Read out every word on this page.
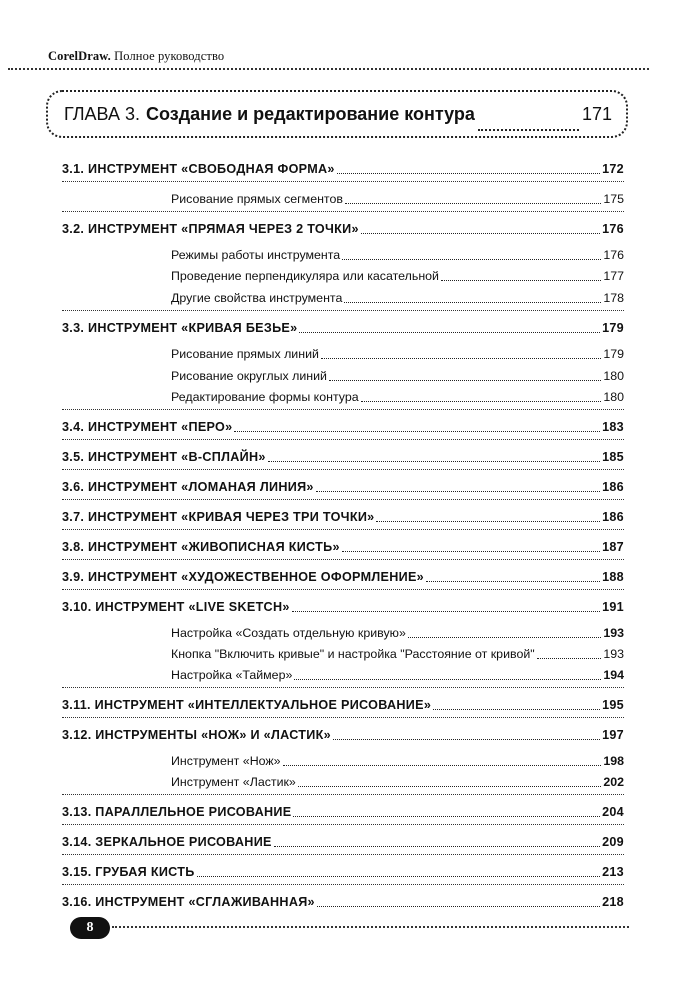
CorelDraw. Полное руководство
ГЛАВА 3. Создание и редактирование контура	171
3.1. ИНСТРУМЕНТ «СВОБОДНАЯ ФОРМА»	172
Рисование прямых сегментов	175
3.2. ИНСТРУМЕНТ «ПРЯМАЯ ЧЕРЕЗ 2 ТОЧКИ»	176
Режимы работы инструмента	176
Проведение перпендикуляра или касательной	177
Другие свойства инструмента	178
3.3. ИНСТРУМЕНТ «КРИВАЯ БЕЗЬЕ»	179
Рисование прямых линий	179
Рисование округлых линий	180
Редактирование формы контура	180
3.4. ИНСТРУМЕНТ «ПЕРО»	183
3.5. ИНСТРУМЕНТ «В-СПЛАЙН»	185
3.6. ИНСТРУМЕНТ «ЛОМАНАЯ ЛИНИЯ»	186
3.7. ИНСТРУМЕНТ «КРИВАЯ ЧЕРЕЗ ТРИ ТОЧКИ»	186
3.8. ИНСТРУМЕНТ «ЖИВОПИСНАЯ КИСТЬ»	187
3.9. ИНСТРУМЕНТ «ХУДОЖЕСТВЕННОЕ ОФОРМЛЕНИЕ»	188
3.10. ИНСТРУМЕНТ «LIVE SKETCH»	191
Настройка «Создать отдельную кривую»	193
Кнопка "Включить кривые" и настройка "Расстояние от кривой"	193
Настройка «Таймер»	194
3.11. ИНСТРУМЕНТ «ИНТЕЛЛЕКТУАЛЬНОЕ РИСОВАНИЕ»	195
3.12. ИНСТРУМЕНТЫ «НОЖ» И «ЛАСТИК»	197
Инструмент «Нож»	198
Инструмент «Ластик»	202
3.13. ПАРАЛЛЕЛЬНОЕ РИСОВАНИЕ	204
3.14. ЗЕРКАЛЬНОЕ РИСОВАНИЕ	209
3.15. ГРУБАЯ КИСТЬ	213
3.16. ИНСТРУМЕНТ «СГЛАЖИВАННАЯ»	218
8
